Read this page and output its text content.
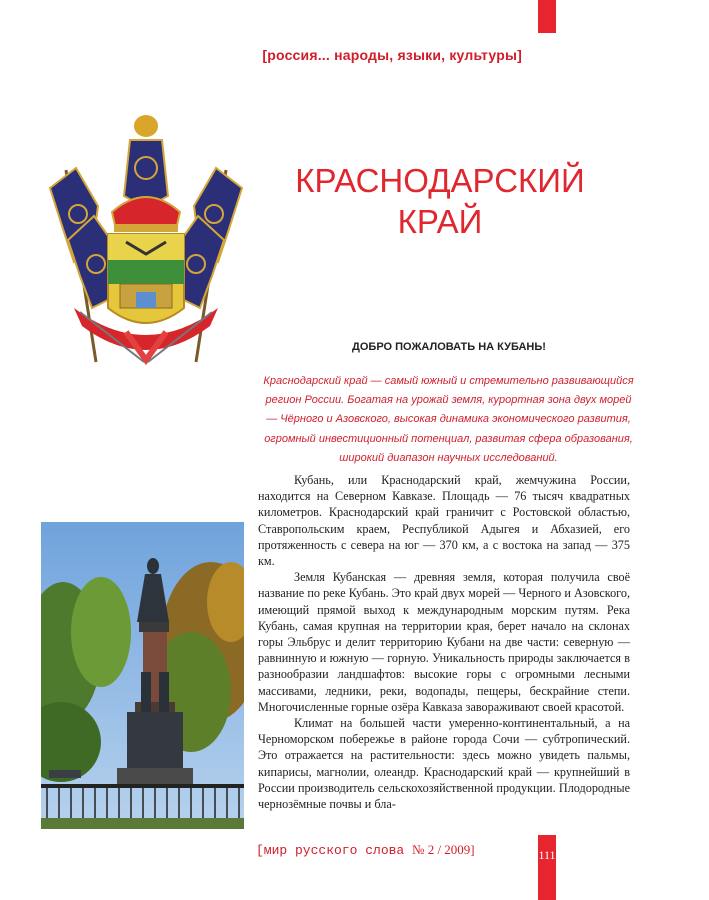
[россия... народы, языки, культуры]
КРАСНОДАРСКИЙ
КРАЙ
ДОБРО ПОЖАЛОВАТЬ НА КУБАНЬ!
Краснодарский край — самый южный и стремительно развивающийся регион России. Богатая на урожай земля, курортная зона двух морей — Чёрного и Азовского, высокая динамика экономического развития, огромный инвестиционный потенциал, развитая сфера образования, широкий диапазон научных исследований.

Кубань, или Краснодарский край, жемчужина России, находится на Северном Кавказе. Площадь — 76 тысяч квадратных километров. Краснодарский край граничит с Ростовской областью, Ставропольским краем, Республикой Адыгея и Абхазией, его протяженность с севера на юг — 370 км, а с востока на запад — 375 км.

Земля Кубанская — древняя земля, которая получила своё название по реке Кубань. Это край двух морей — Черного и Азовского, имеющий прямой выход к международным морским путям. Река Кубань, самая крупная на территории края, берет начало на склонах горы Эльбрус и делит территорию Кубани на две части: северную — равнинную и южную — горную. Уникальность природы заключается в разнообразии ландшафтов: высокие горы с огромными лесными массивами, ледники, реки, водопады, пещеры, бескрайние степи. Многочисленные горные озёра Кавказа завораживают своей красотой.

Климат на большей части умеренно-континентальный, а на Черноморском побережье в районе города Сочи — субтропический. Это отражается на растительности: здесь можно увидеть пальмы, кипарисы, магнолии, олеандр. Краснодарский край — крупнейший в России производитель сельскохозяйственной продукции. Плодородные чернозёмные почвы и бла-

[мир русского слова № 2 / 2009]	111
